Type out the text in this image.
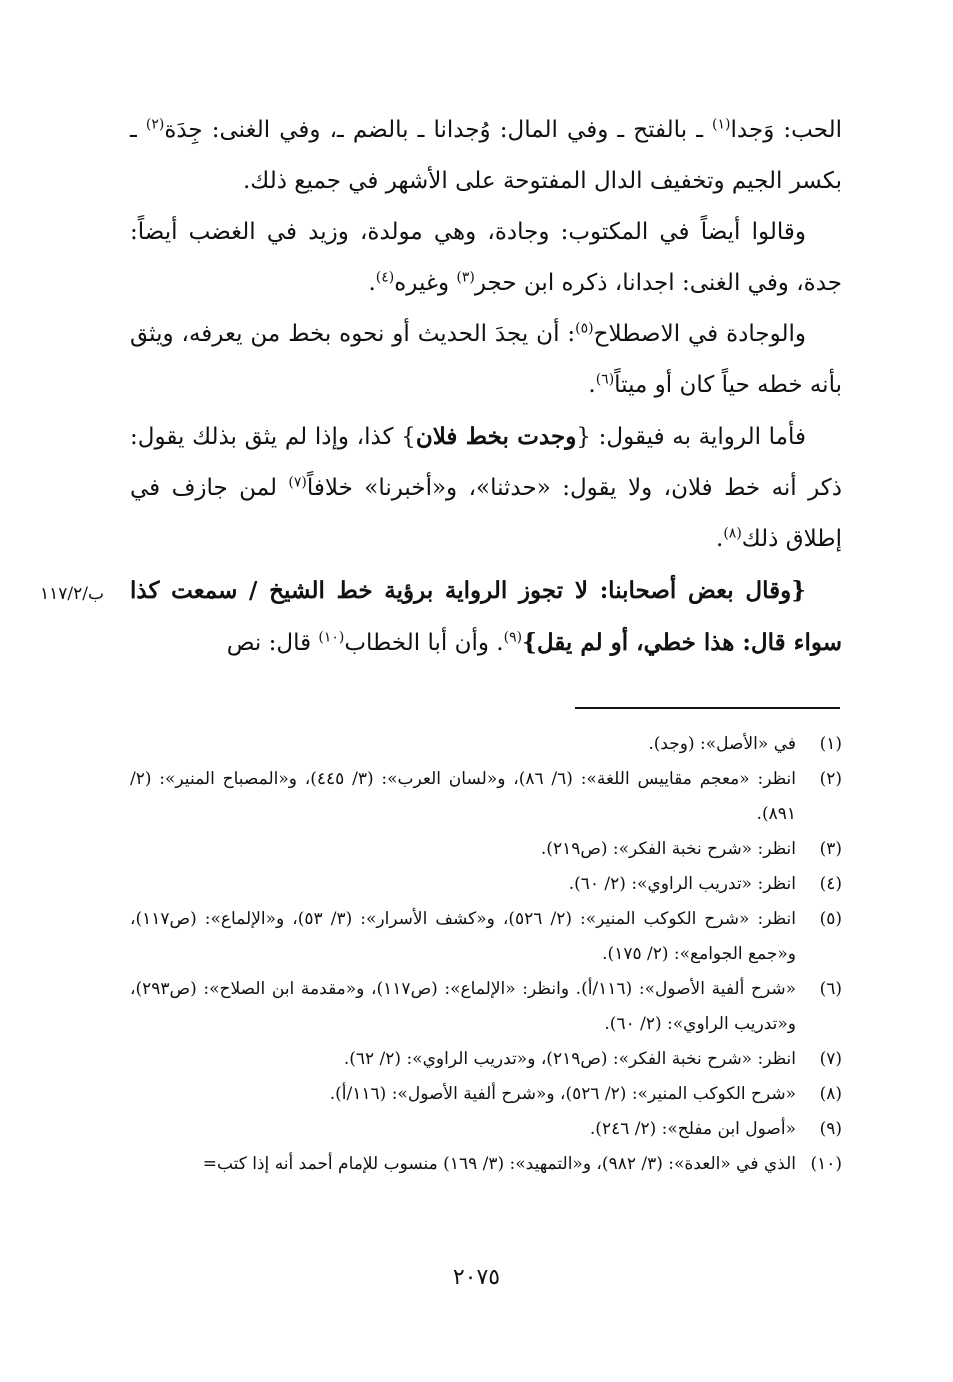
الحب: وَجدا$^{(١)}$ ـ بالفتح ـ وفي المال: وُجدانا ـ بالضم ـ، وفي الغنى: جِدَة$^{(٢)}$ ـ بكسر الجيم وتخفيف الدال المفتوحة على الأشهر في جميع ذلك.

وقالوا أيضاً في المكتوب: وجادة، وهي مولدة، وزيد في الغضب أيضاً: جدة، وفي الغنى: اجدانا، ذكره ابن حجر$^{(٣)}$ وغيره$^{(٤)}$.

والوجادة في الاصطلاح$^{(٥)}$: أن يجدَ الحديث أو نحوه بخط من يعرفه، ويثق بأنه خطه حياً كان أو ميتاً$^{(٦)}$.

فأما الرواية به فيقول: {وجدت بخط فلان} كذا، وإذا لم يثق بذلك يقول: ذكر أنه خط فلان، ولا يقول: «حدثنا»، و«أخبرنا» خلافاً$^{(٧)}$ لمن جازف في إطلاق ذلك$^{(٨)}$.

{وقال بعض أصحابنا: لا تجوز الرواية برؤية خط الشيخ / سمعت كذا سواء قال: هذا خطي، أو لم يقل}$^{(٩)}$. وأن أبا الخطاب$^{(١٠)}$ قال: نص

ب/١١٧/٢
(١)
في «الأصل»: (وجد).
(٢)
انظر: «معجم مقاييس اللغة»: (٦/ ٨٦)، و«لسان العرب»: (٣/ ٤٤٥)، و«المصباح المنير»: (٢/ ٨٩١).
(٣)
انظر: «شرح نخبة الفكر»: (ص٢١٩).
(٤)
انظر: «تدريب الراوي»: (٢/ ٦٠).
(٥)
انظر: «شرح الكوكب المنير»: (٢/ ٥٢٦)، و«كشف الأسرار»: (٣/ ٥٣)، و«الإلماع»: (ص١١٧)، و«جمع الجوامع»: (٢/ ١٧٥).
(٦)
«شرح ألفية الأصول»: (١١٦/أ). وانظر: «الإلماع»: (ص١١٧)، و«مقدمة ابن الصلاح»: (ص٢٩٣)، و«تدريب الراوي»: (٢/ ٦٠).
(٧)
انظر: «شرح نخبة الفكر»: (ص٢١٩)، و«تدريب الراوي»: (٢/ ٦٢).
(٨)
«شرح الكوكب المنير»: (٢/ ٥٢٦)، و«شرح ألفية الأصول»: (١١٦/أ).
(٩)
«أصول ابن مفلح»: (٢/ ٢٤٦).
(١٠)
الذي في «العدة»: (٣/ ٩٨٢)، و«التمهيد»: (٣/ ١٦٩) منسوب للإمام أحمد أنه إذا كتب=
٢٠٧٥
